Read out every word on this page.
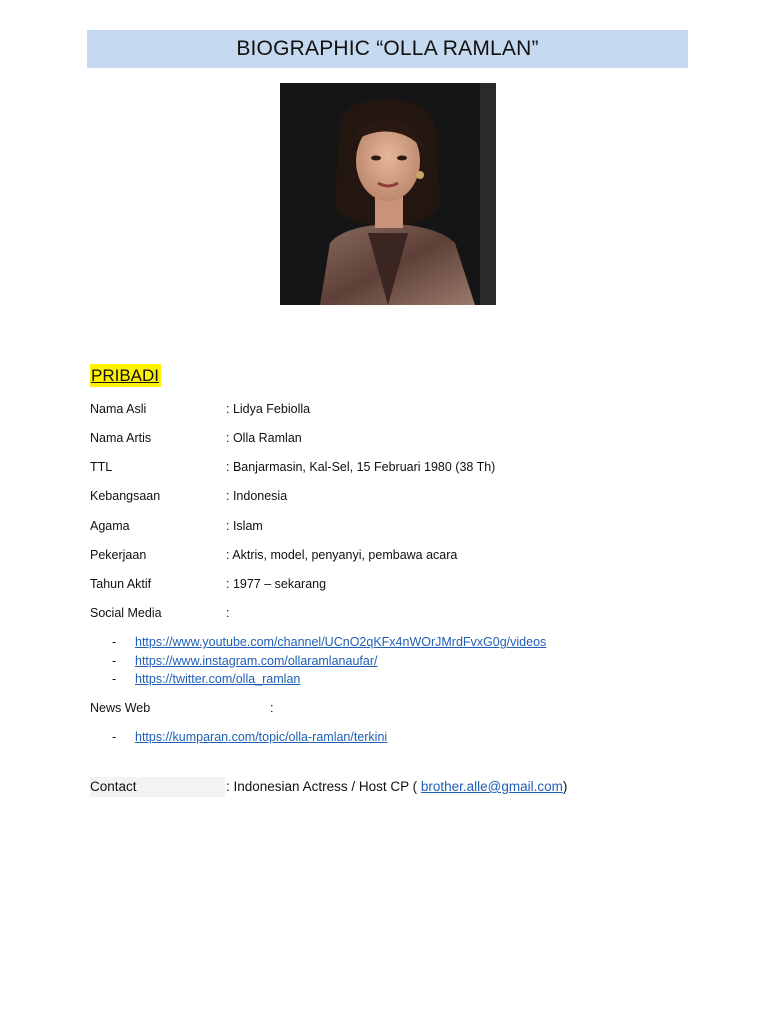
BIOGRAPHIC “OLLA RAMLAN”
PRIBADI
Nama Asli	: Lidya Febiolla
Nama Artis	: Olla Ramlan
TTL	: Banjarmasin, Kal-Sel, 15 Februari 1980 (38 Th)
Kebangsaan	: Indonesia
Agama	: Islam
Pekerjaan	: Aktris, model, penyanyi, pembawa acara
Tahun Aktif	: 1977 – sekarang
Social Media	:
- https://www.youtube.com/channel/UCnO2qKFx4nWOrJMrdFvxG0g/videos
- https://www.instagram.com/ollaramlanaufar/
- https://twitter.com/olla_ramlan
News Web	:
- https://kumparan.com/topic/olla-ramlan/terkini
Contact	: Indonesian Actress / Host CP ( brother.alle@gmail.com)
